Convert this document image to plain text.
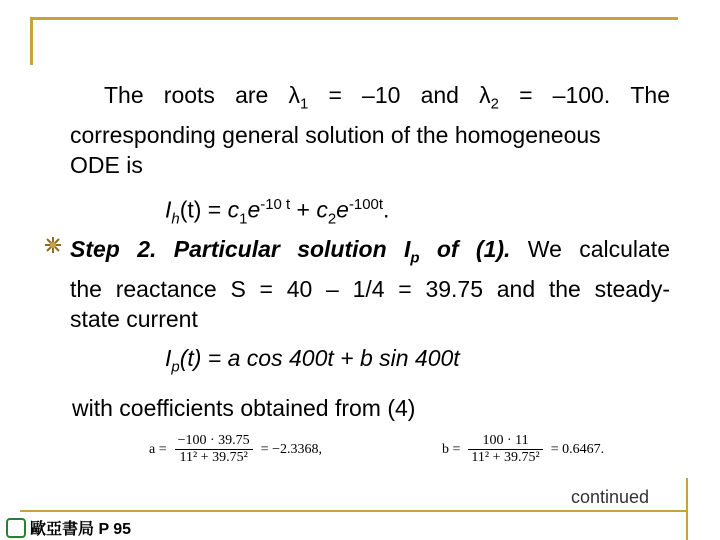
The roots are $\lambda_1 = -10$ and $\lambda_2 = -100$. The
corresponding general solution of the homogeneous
ODE is
$I_h(t) = c_1e^{-10 t} + c_2e^{-100t}$.
Step 2. Particular solution $I_p$ of (1). We calculate
the reactance S = 40 – 1/4 = 39.75 and the steady-
state current
$I_p(t) = a$ cos 400t + b sin 400t
with coefficients obtained from (4)
a =	$\frac{-100 \cdot 39.75}{\text{11² + 39.75²}}$	= −2.3368,	b =	$\frac{100 \cdot 11}{\text{11² + 39.75²}}$	= 0.6467.
continued
歐亞書局 P 95
